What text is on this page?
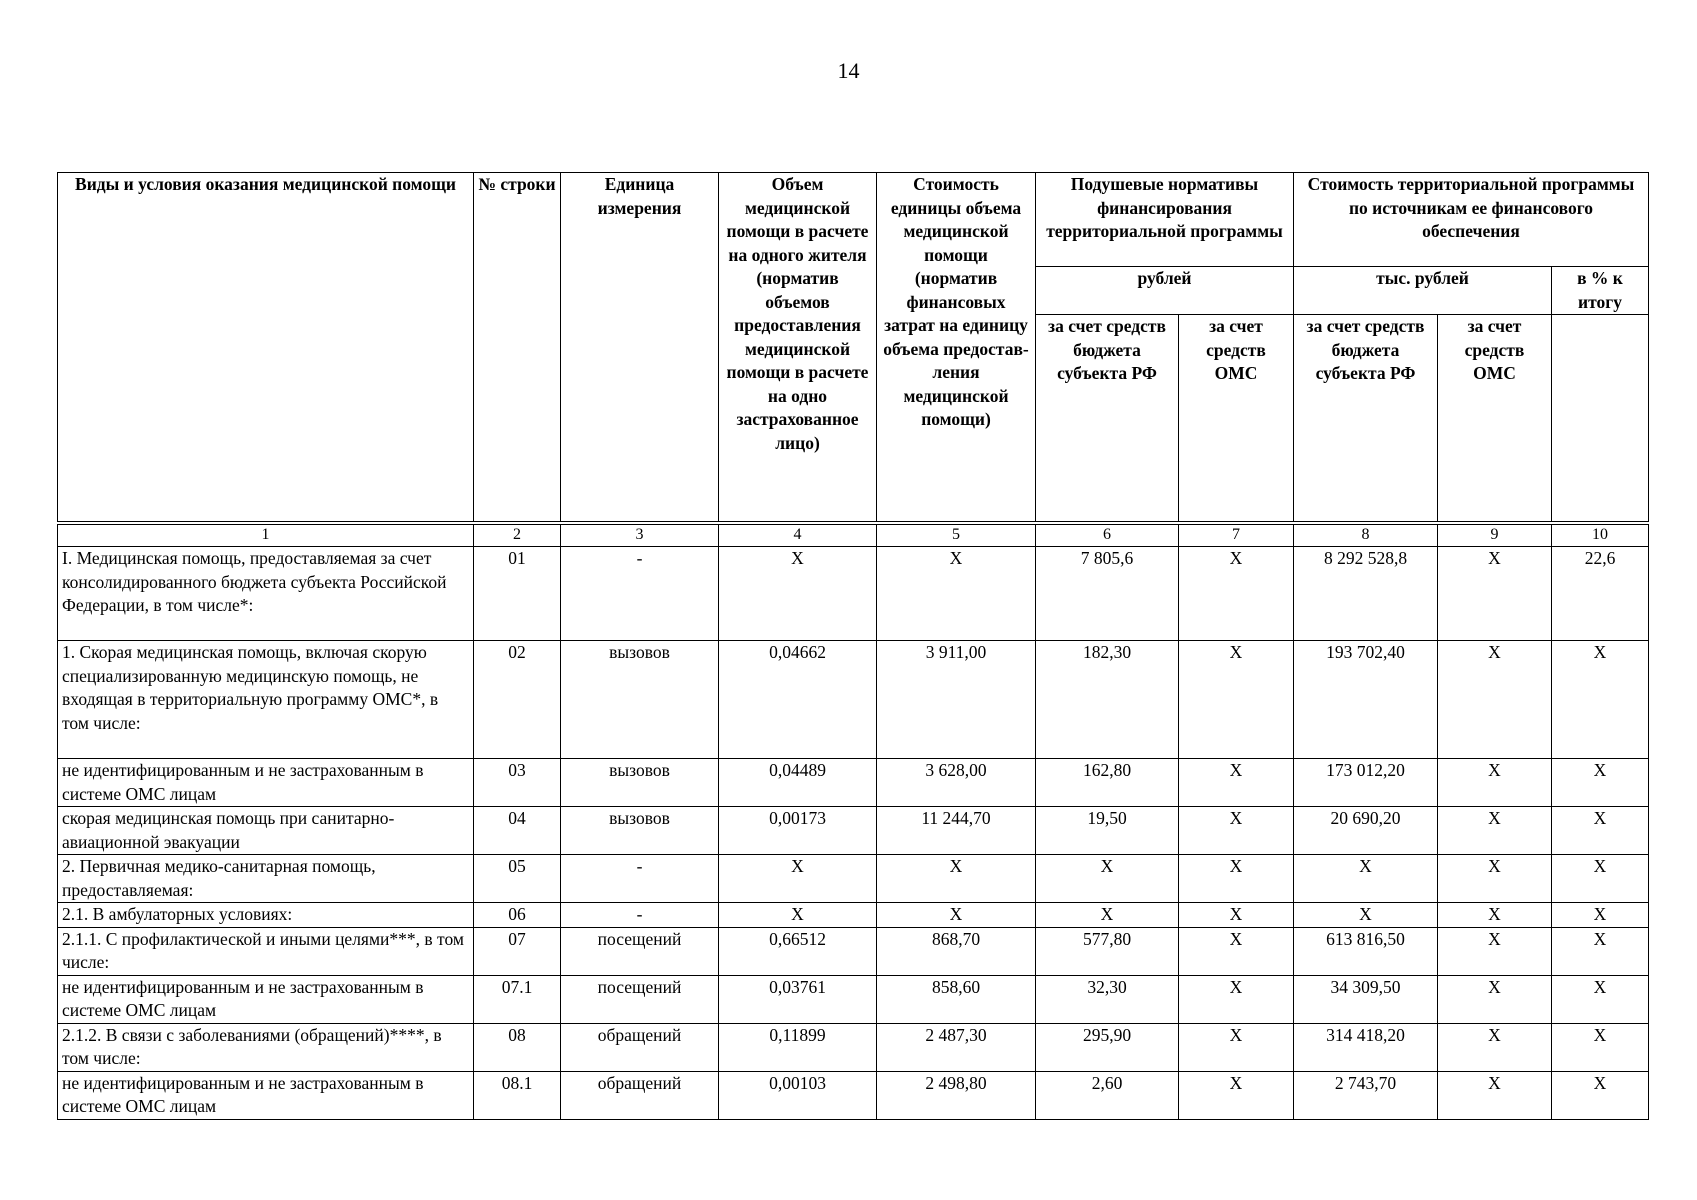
14
Виды и условия оказания медицинской помощи	№ строки	Единица измерения	Объем медицинской помощи в расчете на одного жителя (норматив объемов предоставления медицинской помощи в расчете на одно застрахованное лицо)	Стоимость единицы объема медицинской помощи (норматив финансовых затрат на единицу объема предостав-ления медицинской помощи)	Подушевые нормативы финансирования территориальной программы		Стоимость территориальной программы по источникам ее финансового обеспечения		
					рублей		тыс. рублей		в % к итогу
					за счет средств бюджета субъекта РФ	за счет средств ОМС	за счет средств бюджета субъекта РФ	за счет средств ОМС	
1	2	3	4	5	6	7	8	9	10
I. Медицинская помощь, предоставляемая за счет консолидированного бюджета субъекта Российской Федерации, в том числе*:	01	-	X	X	7 805,6	X	8 292 528,8	X	22,6
1. Скорая медицинская помощь, включая скорую специализированную медицинскую помощь, не входящая в территориальную программу ОМС*, в том числе:	02	вызовов	0,04662	3 911,00	182,30	X	193 702,40	X	X
не идентифицированным и не застрахованным в системе ОМС лицам	03	вызовов	0,04489	3 628,00	162,80	X	173 012,20	X	X
скорая медицинская помощь при санитарно-авиационной эвакуации	04	вызовов	0,00173	11 244,70	19,50	X	20 690,20	X	X
2. Первичная медико-санитарная помощь, предоставляемая:	05	-	X	X	X	X	X	X	X
2.1. В амбулаторных условиях:	06	-	X	X	X	X	X	X	X
2.1.1. С профилактической и иными целями***, в том числе:	07	посещений	0,66512	868,70	577,80	X	613 816,50	X	X
не идентифицированным и не застрахованным в системе ОМС лицам	07.1	посещений	0,03761	858,60	32,30	X	34 309,50	X	X
2.1.2. В связи с заболеваниями (обращений)****, в том числе:	08	обращений	0,11899	2 487,30	295,90	X	314 418,20	X	X
не идентифицированным и не застрахованным в системе ОМС лицам	08.1	обращений	0,00103	2 498,80	2,60	X	2 743,70	X	X
